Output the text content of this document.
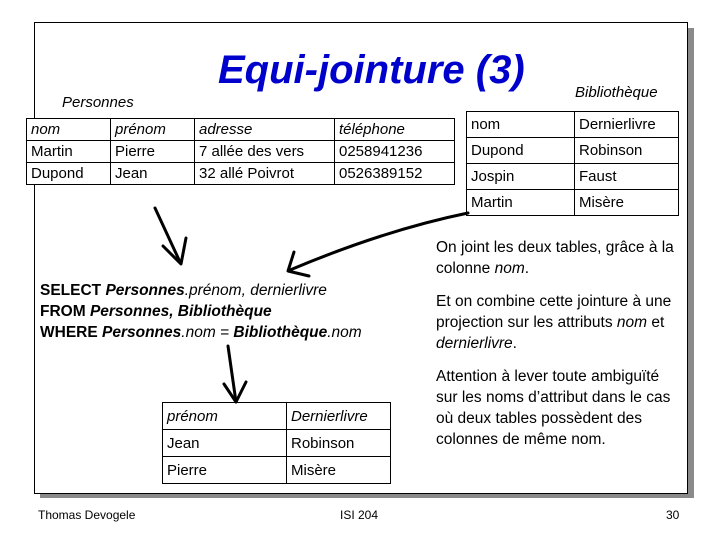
Equi-jointure (3)
Personnes
Bibliothèque
nom	prénom	adresse	téléphone
Martin	Pierre	7 allée des vers	0258941236
Dupond	Jean	32 allé Poivrot	0526389152
nom	Dernierlivre
Dupond	Robinson
Jospin	Faust
Martin	Misère
SELECT Personnes.prénom, dernierlivre
FROM Personnes, Bibliothèque
WHERE Personnes.nom = Bibliothèque.nom
prénom	Dernierlivre
Jean	Robinson
Pierre	Misère
On joint les deux tables, grâce à la colonne nom.
Et on combine cette jointure à une projection sur les attributs nom et dernierlivre.
Attention à lever toute ambiguïté sur les noms d’attribut dans le cas où deux tables possèdent des colonnes de même nom.
Thomas Devogele	ISI 204	30
